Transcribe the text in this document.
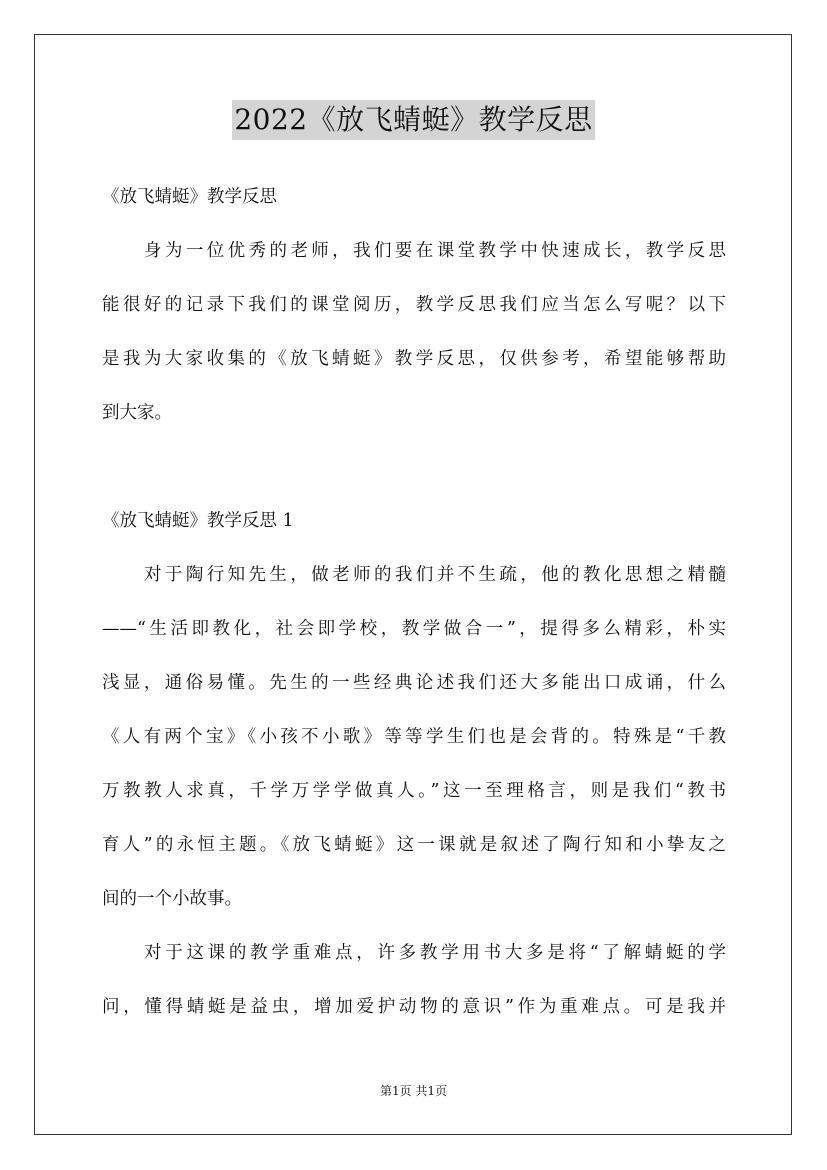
2022《放飞蜻蜓》教学反思
《放飞蜻蜓》教学反思
身为一位优秀的老师，我们要在课堂教学中快速成长，教学反思
能很好的记录下我们的课堂阅历，教学反思我们应当怎么写呢？以下
是我为大家收集的《放飞蜻蜓》教学反思，仅供参考，希望能够帮助
到大家。
《放飞蜻蜓》教学反思 1
对于陶行知先生，做老师的我们并不生疏，他的教化思想之精髓
——“生活即教化，社会即学校，教学做合一”，提得多么精彩，朴实
浅显，通俗易懂。先生的一些经典论述我们还大多能出口成诵，什么
《人有两个宝》《小孩不小歌》等等学生们也是会背的。特殊是“千教
万教教人求真，千学万学学做真人。”这一至理格言，则是我们“教书
育人”的永恒主题。《放飞蜻蜓》这一课就是叙述了陶行知和小挚友之
间的一个小故事。
对于这课的教学重难点，许多教学用书大多是将“了解蜻蜓的学
问，懂得蜻蜓是益虫，增加爱护动物的意识”作为重难点。可是我并
第1页 共1页
